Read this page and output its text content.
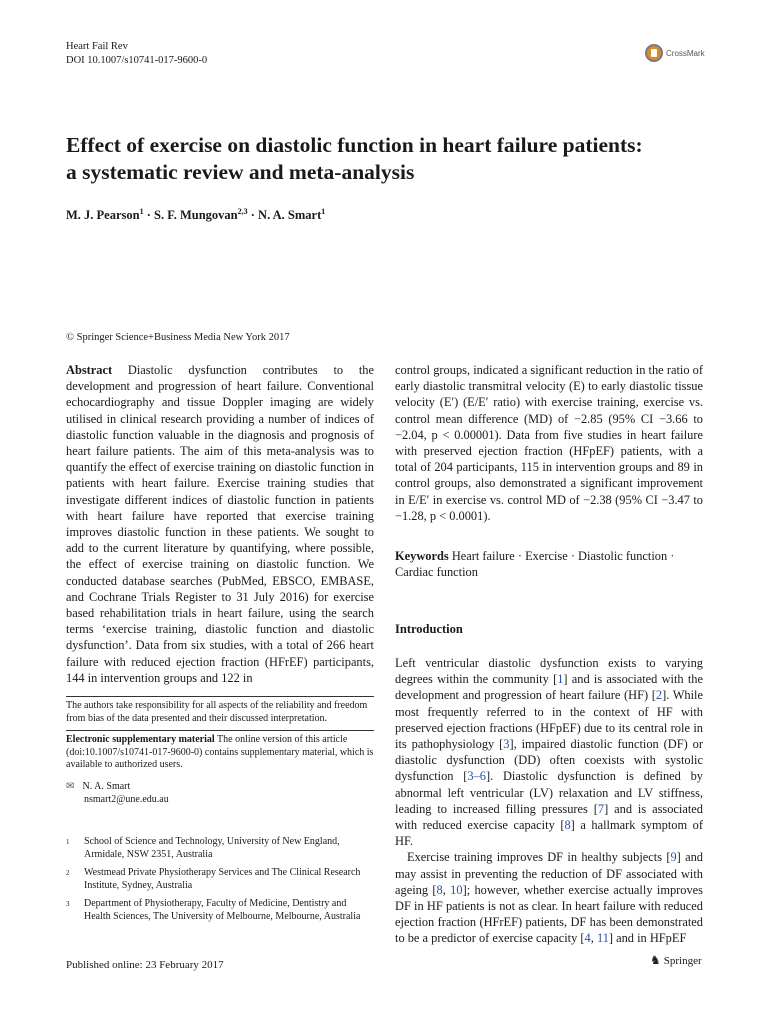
Heart Fail Rev
DOI 10.1007/s10741-017-9600-0
CrossMark
Effect of exercise on diastolic function in heart failure patients:
a systematic review and meta-analysis
M. J. Pearson$^1$ · S. F. Mungovan$^{2,3}$ · N. A. Smart$^1$
© Springer Science+Business Media New York 2017

Abstract Diastolic dysfunction contributes to the development and progression of heart failure. Conventional echocardiography and tissue Doppler imaging are widely utilised in clinical research providing a number of indices of diastolic function valuable in the diagnosis and prognosis of heart failure patients. The aim of this meta-analysis was to quantify the effect of exercise training on diastolic function in patients with heart failure. Exercise training studies that investigate different indices of diastolic function in patients with heart failure have reported that exercise training improves diastolic function in these patients. We sought to add to the current literature by quantifying, where possible, the effect of exercise training on diastolic function. We conducted database searches (PubMed, EBSCO, EMBASE, and Cochrane Trials Register to 31 July 2016) for exercise based rehabilitation trials in heart failure, using the search terms ‘exercise training, diastolic function and diastolic dysfunction’. Data from six studies, with a total of 266 heart failure with reduced ejection fraction (HFrEF) participants, 144 in intervention groups and 122 in

control groups, indicated a significant reduction in the ratio of early diastolic transmitral velocity (E) to early diastolic tissue velocity (E′) (E/E′ ratio) with exercise training, exercise vs. control mean difference (MD) of −2.85 (95% CI −3.66 to −2.04, p < 0.00001). Data from five studies in heart failure with preserved ejection fraction (HFpEF) patients, with a total of 204 participants, 115 in intervention groups and 89 in control groups, also demonstrated a significant improvement in E/E′ in exercise vs. control MD of −2.38 (95% CI −3.47 to −1.28, p < 0.0001).

Keywords Heart failure · Exercise · Diastolic function · Cardiac function
Introduction

Left ventricular diastolic dysfunction exists to varying degrees within the community [1] and is associated with the development and progression of heart failure (HF) [2]. While most frequently referred to in the context of HF with preserved ejection fractions (HFpEF) due to its central role in its pathophysiology [3], impaired diastolic function (DF) or diastolic dysfunction (DD) often coexists with systolic dysfunction [3–6]. Diastolic dysfunction is defined by abnormal left ventricular (LV) relaxation and LV stiffness, leading to increased filling pressures [7] and is associated with reduced exercise capacity [8] a hallmark symptom of HF.

Exercise training improves DF in healthy subjects [9] and may assist in preventing the reduction of DF associated with ageing [8, 10]; however, whether exercise actually improves DF in HF patients is not as clear. In heart failure with reduced ejection fraction (HFrEF) patients, DF has been demonstrated to be a predictor of exercise capacity [4, 11] and in HFpEF

The authors take responsibility for all aspects of the reliability and freedom from bias of the data presented and their discussed interpretation.
Electronic supplementary material The online version of this article (doi:10.1007/s10741-017-9600-0) contains supplementary material, which is available to authorized users.
✉ N. A. Smart
nsmart2@une.edu.au
1 School of Science and Technology, University of New England, Armidale, NSW 2351, Australia
2 Westmead Private Physiotherapy Services and The Clinical Research Institute, Sydney, Australia
3 Department of Physiotherapy, Faculty of Medicine, Dentistry and Health Sciences, The University of Melbourne, Melbourne, Australia
Published online: 23 February 2017	♞ Springer
